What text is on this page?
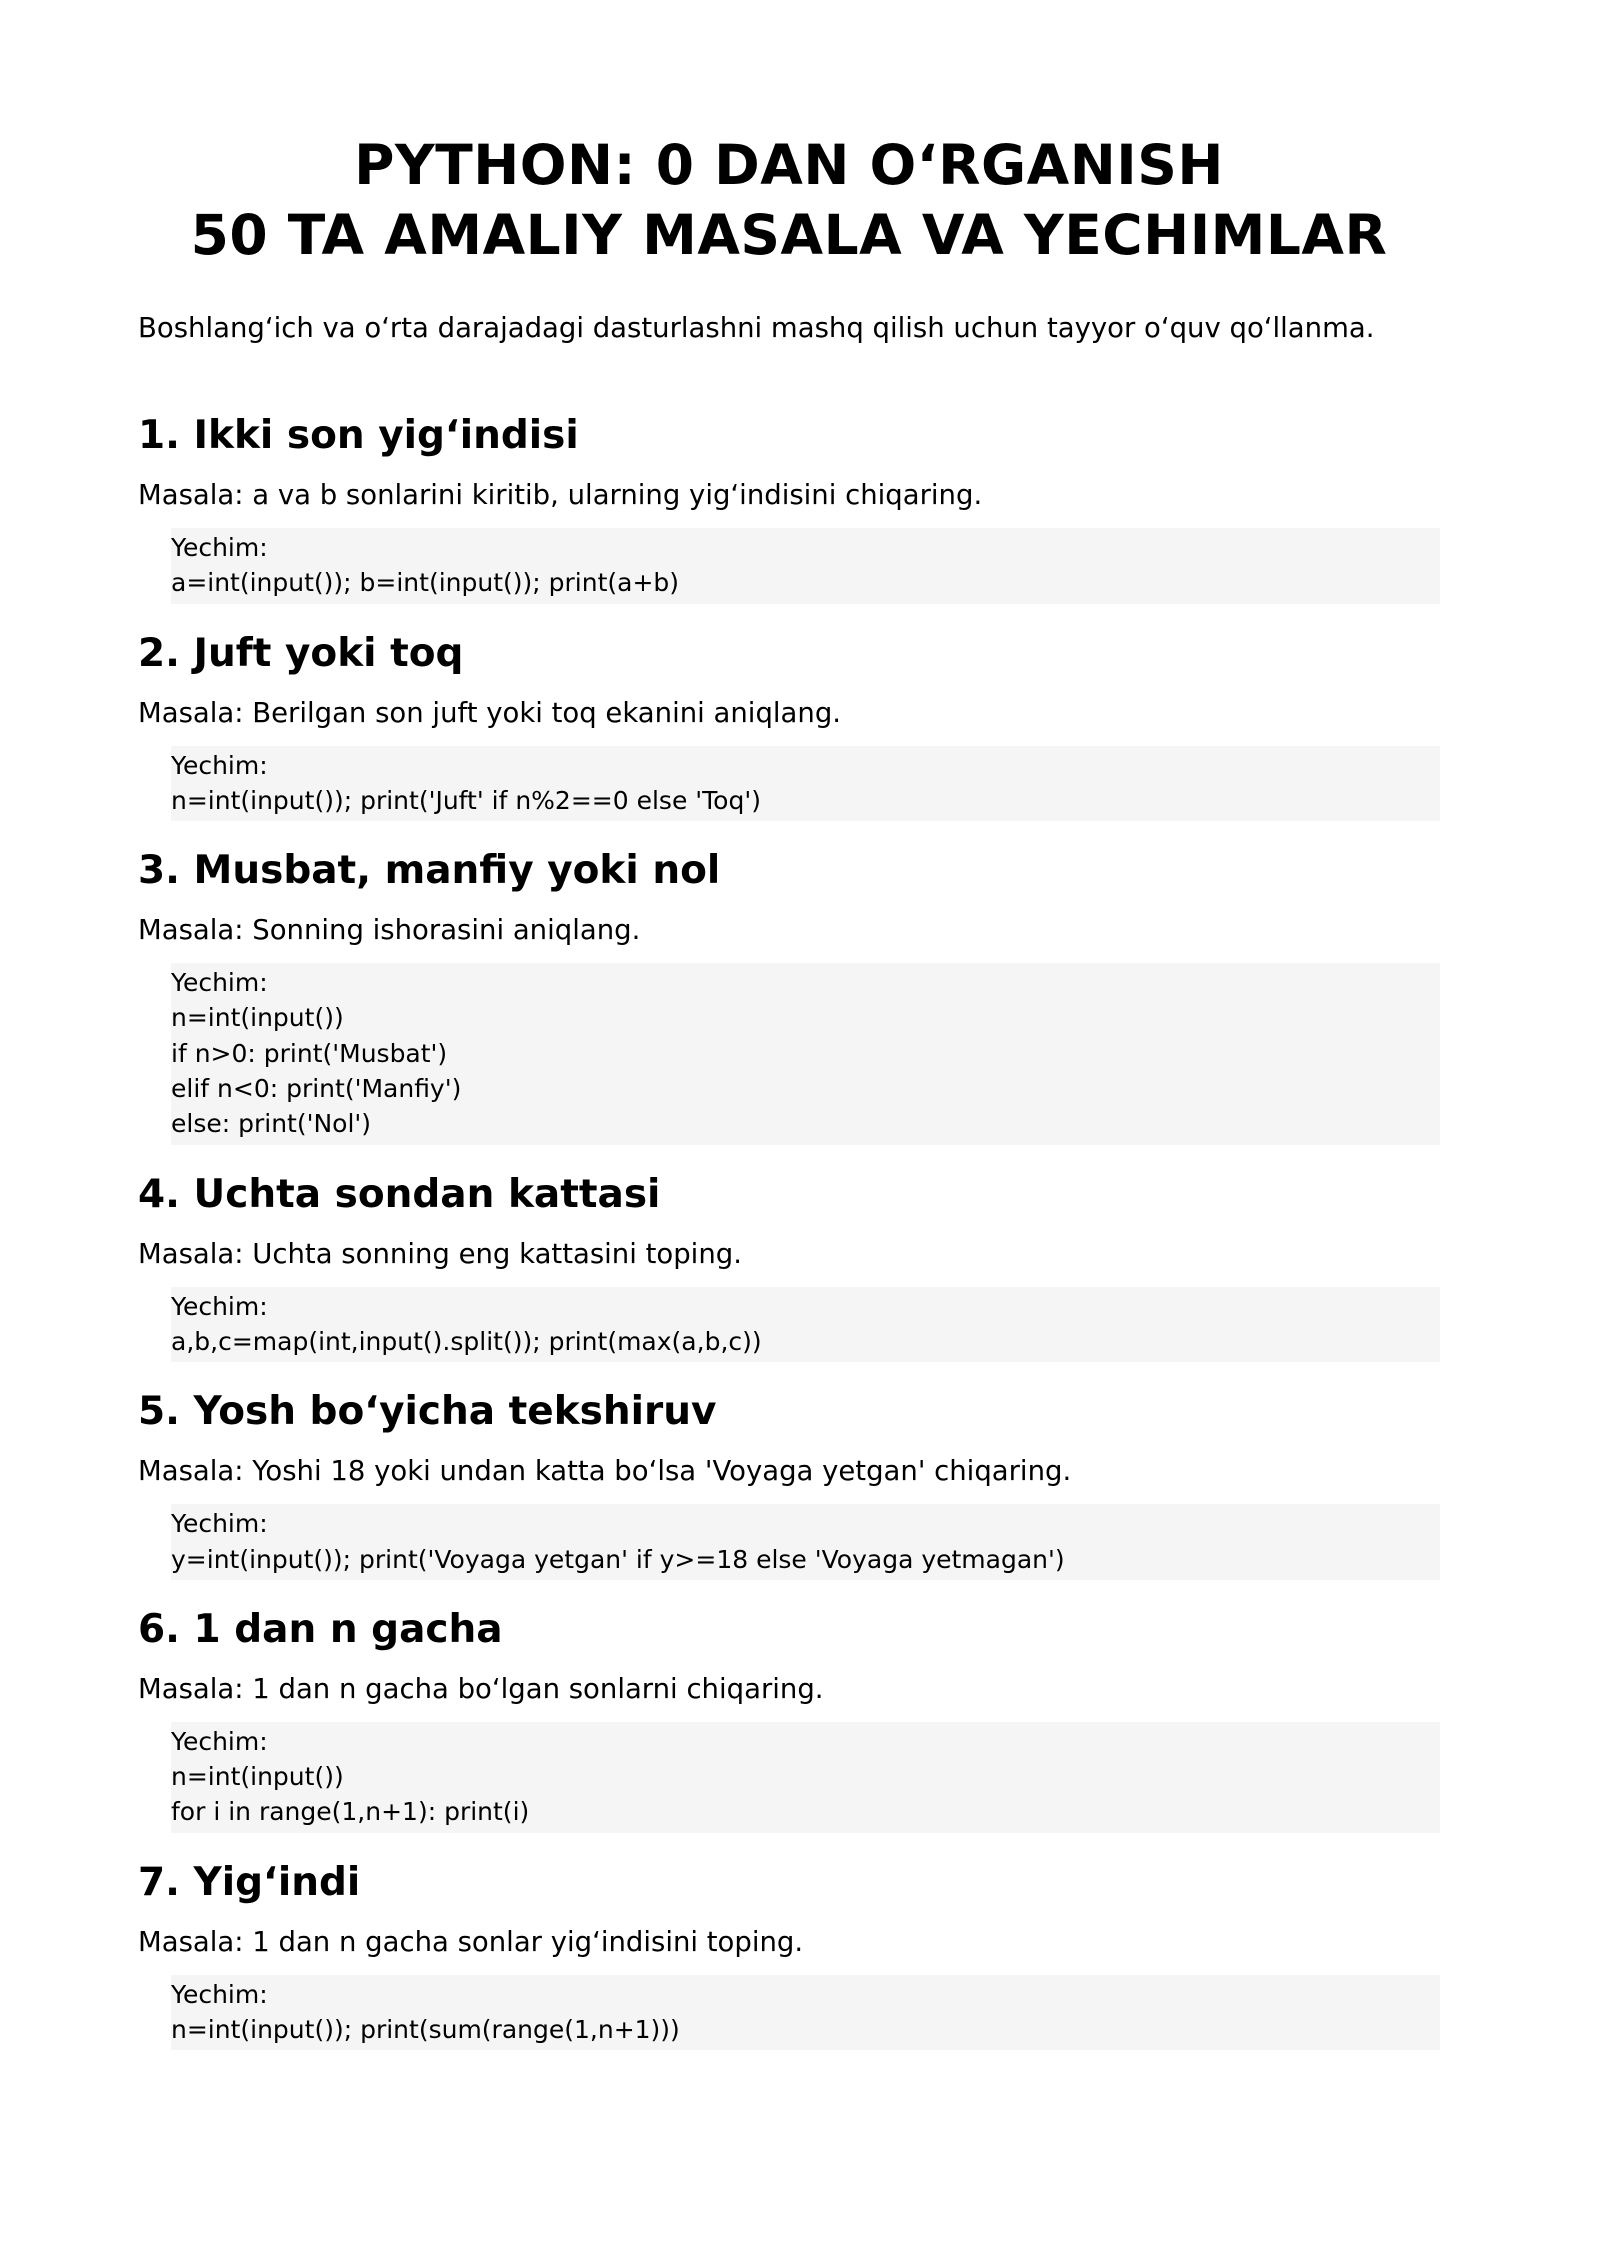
PYTHON: 0 DAN O‘RGANISH
50 TA AMALIY MASALA VA YECHIMLAR

Boshlang‘ich va o‘rta darajadagi dasturlashni mashq qilish uchun tayyor o‘quv qo‘llanma.

1. Ikki son yig‘indisi

Masala: a va b sonlarini kiritib, ularning yig‘indisini chiqaring.

Yechim:
a=int(input()); b=int(input()); print(a+b)
2. Juft yoki toq

Masala: Berilgan son juft yoki toq ekanini aniqlang.

Yechim:
n=int(input()); print('Juft' if n%2==0 else 'Toq')
3. Musbat, manfiy yoki nol

Masala: Sonning ishorasini aniqlang.

Yechim:
n=int(input())
if n>0: print('Musbat')
elif n<0: print('Manfiy')
else: print('Nol')
4. Uchta sondan kattasi

Masala: Uchta sonning eng kattasini toping.

Yechim:
a,b,c=map(int,input().split()); print(max(a,b,c))
5. Yosh bo‘yicha tekshiruv

Masala: Yoshi 18 yoki undan katta bo‘lsa 'Voyaga yetgan' chiqaring.

Yechim:
y=int(input()); print('Voyaga yetgan' if y>=18 else 'Voyaga yetmagan')
6. 1 dan n gacha

Masala: 1 dan n gacha bo‘lgan sonlarni chiqaring.

Yechim:
n=int(input())
for i in range(1,n+1): print(i)
7. Yig‘indi

Masala: 1 dan n gacha sonlar yig‘indisini toping.

Yechim:
n=int(input()); print(sum(range(1,n+1)))
